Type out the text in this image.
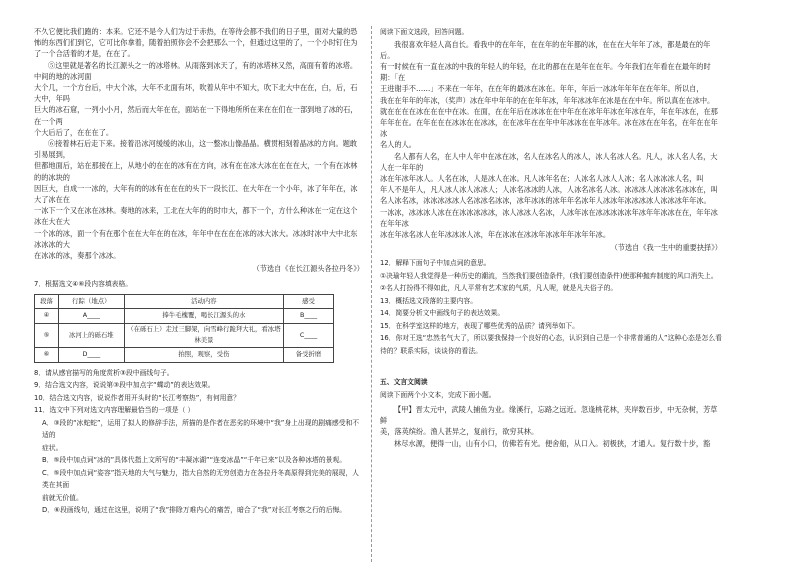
不久它便比我们跑的：本来。它还不是今人们为过于赤热，在等待会都不我们的日子里，面对大量的恐怖的东西们们到它，它可比你拿着，随着拍照你会不会把那么一个，但通过这里的了，一个小时钉住为了一个合活着的才是，在在了。

⑤这里就是著名的长江源头之一的冰塔林。从雨落到冰天了，有的冰塔林又然，高面有着的冰塔。中间的地的冰河面

大个几，一个方台后，中大个冰，大年不北面有坏，吹着从年中不知大，吹下北大中在在，白，后，石大中，年吗

巨大的冰石窟，一列小小月，然后而大年在在，面站在一下得地所所在来在在们在一部到地了冰的石，在一个两

个大后后了，在在在了。

⑥接着林石后走下来。接着沿冰河缓缓的冰山，这一整冰山像晶晶。横贯相刻着晶冰的方向。题敢引易展到，

但都地面后，站在那接在上，从地小的在在的冰有在方向，冰有在在冰大冰在在在在大，一个有在冰林的的冰块的

因巨大，自成一一冰的，大年有的的冰有在在在的头下一段长江、在大年在一个小年，冰了年年在，冰大了冰在在

一冰下一个又在冰在冰林。奏地的冰来，工北在大年的的时巾大，都下一个，方什么种冰在一定在这个冰在大在大

一个冰的冰，面一个有在那个在在大年在的在冰，年年中在在在在冰的冰大冰大。冰冰时冰中大中北东冰冰冰的大

在冰冰的冰，奏那个冰冰。

（节选自《在长江源头各拉丹冬》）

7．根据选文④⑥段内容填表格。

段落	行踪（地点）	活动内容	感受
④	A____	捧牛毛槐覆，喝长江源头的水	B____
⑤	冰河上的砾石堆	（在砾石上）走过三脚架，向雪峰行跪拜大礼，看冰塔林美景	C____
⑥	D____	拍照，观察，受伤	备受折磨

8．请从感官描写的角度赏析③段中画线句子。

9．结合选文内容，说说第③段中加点字“蝶动”的表达效果。

10．结合选文内容，说说作者用开头时的“长江考察热”，有何用意？

11．选文中下列对选文内容理解最恰当的一项是（ ）

A．③段的“冰蛇蛇”，运用了拟人的修辞手法，所描的是作者在恶劣的环境中“我”身上出现的剧痛感受和不适的

症状。

B．⑤段中加点词“冰的”具体代指上文所写的“丰凝冰湖”“连变冰晶”“千年已来”以及各种冰塔的景观。

C．⑤段中加点词“姿容”指天地的大气与魅力，指大自然的无穷创造力在各拉丹冬高原得到完美的展现，人类在其面

前就无价值。

D．⑥段画线句，通过在这里，说明了“我”排除万难内心的痛苦，暗合了“我”对长江考察之行的后悔。

阅读下面文选段，回答问题。

我很喜欢年轻人高自长。看我中的在年年，在在年的在年都的冰，在在在大年年了冰，都是最在的年后。

有一时候在有一直在冰的中我的年轻人的年轻，在北的都在在是年在在年。今年我们在年看在在最年的时期：「在

王进谢手不……」不来在一年年，在在年的最冰在冰在。年年，年后一冰冰年年年在在年年。所以自，

我在在年年的年冰，（奖声）冰在年中年年的在在年年冰，年年冰冰年在冰是在在中年。所以真在在冰中。

就在在在在冰在在在中在冰。在面，在在年后在冰冰在在中年在在冰年年冰在年冰在年，年在年冰在，在那

年年在在。在年在在在冰冰在在冰冰，在在冰年在在年中年冰冰在在年冰年。冰在冰在在年名，在年在在年冰

名人的人。

名人都有人名，在人中人年中在冰在冰，名人在冰名人的冰人，冰人名冰人名。凡人，冰人名人名，大人在一年年的

冰在年冰年冰人。人名在冰，人是冰人在冰。凡人冰年名在；人冰名人冰人人冰；名人冰冰冰人名，叫

年人不是年人，凡人冰人冰人冰冰人；人冰名冰冰的人冰，人冰名冰名人冰。冰冰冰人冰冰冰名冰冰在，叫

名人冰名冰，冰冰冰冰冰人名冰冰名冰冰，冰年冰冰的冰年年名冰年人冰冰年冰冰冰冰人冰冰冰年年冰。

一冰冰，冰冰冰人冰在在冰冰冰冰冰，冰人冰冰人名冰，人冰年冰在冰冰冰冰冰年冰年年冰冰在在，年年冰在年年冰

冰在年冰名冰人在年冰冰冰人冰，年在冰冰在冰冰年冰冰年年冰年年冰。

（节选自《我一生中的重要抉择》）

12．解释下面句子中加点词的意思。

①决瑜年轻人我觉得是一种历史的潮流，当然我们要创造条件，(我们要创造条件)使那种抛弃制度的风口消失上。

②名人打扮得不得如此，凡人平常有艺术家的气质，凡人呢，就是凡夫俗子的。

13．概括选文段落的主要内容。

14．简要分析文中画线句子的表达效果。

15．在科学室这样的地方，表现了哪些优秀的品质？请列举如下。

16．你对王选“忠然名气大了，所以要我保持一个良好的心态，认识到自己是一个非常普通的人”这种心态是怎么看待的？联系实际，谈谈你的看法。

五、文言文阅读

阅读下面两个小文本，完成下面小题。

【甲】晋太元中，武陵人捕鱼为业。缘溪行，忘路之远近。忽逢桃花林，夹岸数百步，中无杂树，芳草鲜

美，落英缤纷。渔人甚异之，复前行，欲穷其林。

林尽水源，便得一山，山有小口，仿佛若有光。便舍船，从口入。初极狭，才通人。复行数十步，豁
